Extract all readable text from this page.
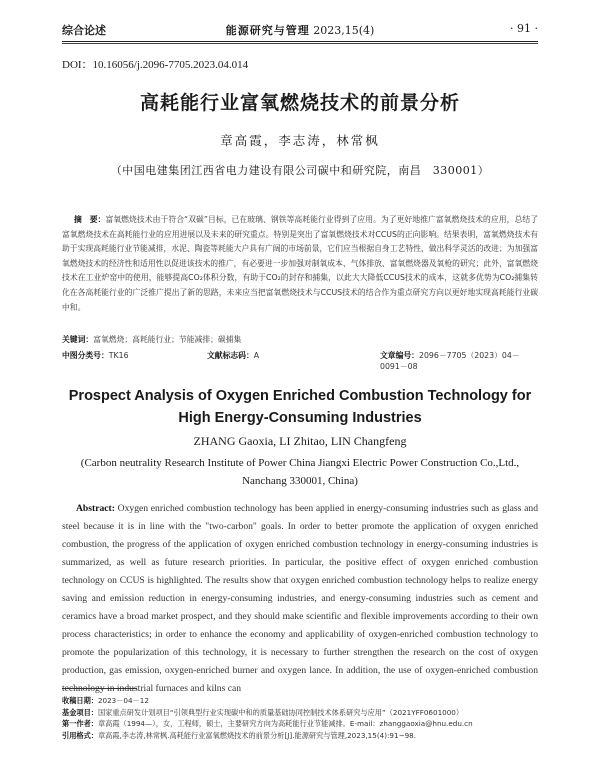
综合论述	能源研究与管理 2023,15(4)	· 91 ·
DOI：10.16056/j.2096-7705.2023.04.014
高耗能行业富氧燃烧技术的前景分析
章高霞，李志涛，林常枫
（中国电建集团江西省电力建设有限公司碳中和研究院，南昌　330001）
摘　要：富氧燃烧技术由于符合“双碳”目标，已在玻璃、钢铁等高耗能行业得到了应用。为了更好地推广富氧燃烧技术的应用，总结了富氧燃烧技术在高耗能行业的应用进展以及未来的研究重点。特别是突出了富氧燃烧技术对CCUS的正向影响。结果表明，富氧燃烧技术有助于实现高耗能行业节能减排，水泥、陶瓷等耗能大户具有广阔的市场前景，它们应当根据自身工艺特性，做出科学灵活的改进；为加强富氧燃烧技术的经济性和适用性以促进该技术的推广，有必要进一步加强对制氧成本、气体排放、富氧燃烧器及氧枪的研究；此外，富氧燃烧技术在工业炉窑中的使用，能够提高CO₂体积分数，有助于CO₂的封存和捕集，以此大大降低CCUS技术的成本，这就多优势为CO₂捕集转化在各高耗能行业的广泛推广提出了新的思路，未来应当把富氧燃烧技术与CCUS技术的结合作为重点研究方向以更好地实现高耗能行业碳中和。
关键词：富氧燃烧；高耗能行业；节能减排；碳捕集
中图分类号：TK16	文献标志码：A	文章编号：2096－7705（2023）04－0091－08
Prospect Analysis of Oxygen Enriched Combustion Technology for High Energy-Consuming Industries
ZHANG Gaoxia, LI Zhitao, LIN Changfeng
(Carbon neutrality Research Institute of Power China Jiangxi Electric Power Construction Co.,Ltd., Nanchang 330001, China)
Abstract: Oxygen enriched combustion technology has been applied in energy-consuming industries such as glass and steel because it is in line with the "two-carbon" goals. In order to better promote the application of oxygen enriched combustion, the progress of the application of oxygen enriched combustion technology in energy-consuming industries is summarized, as well as future research priorities. In particular, the positive effect of oxygen enriched combustion technology on CCUS is highlighted. The results show that oxygen enriched combustion technology helps to realize energy saving and emission reduction in energy-consuming industries, and energy-consuming industries such as cement and ceramics have a broad market prospect, and they should make scientific and flexible improvements according to their own process characteristics; in order to enhance the economy and applicability of oxygen-enriched combustion technology to promote the popularization of this technology, it is necessary to further strengthen the research on the cost of oxygen production, gas emission, oxygen-enriched burner and oxygen lance. In addition, the use of oxygen-enriched combustion technology in industrial furnaces and kilns can
收稿日期：2023－04－12
基金项目：国家重点研发计划项目“引领典型行业实现碳中和的质量基础协同控制技术体系研究与应用”（2021YFF0601000）
第一作者：章高霞（1994—），女，工程师，硕士，主要研究方向为高耗能行业节能减排。E-mail：zhanggaoxia@hnu.edu.cn
引用格式：章高霞,李志涛,林常枫.高耗能行业富氧燃烧技术的前景分析[J].能源研究与管理,2023,15(4):91−98.
